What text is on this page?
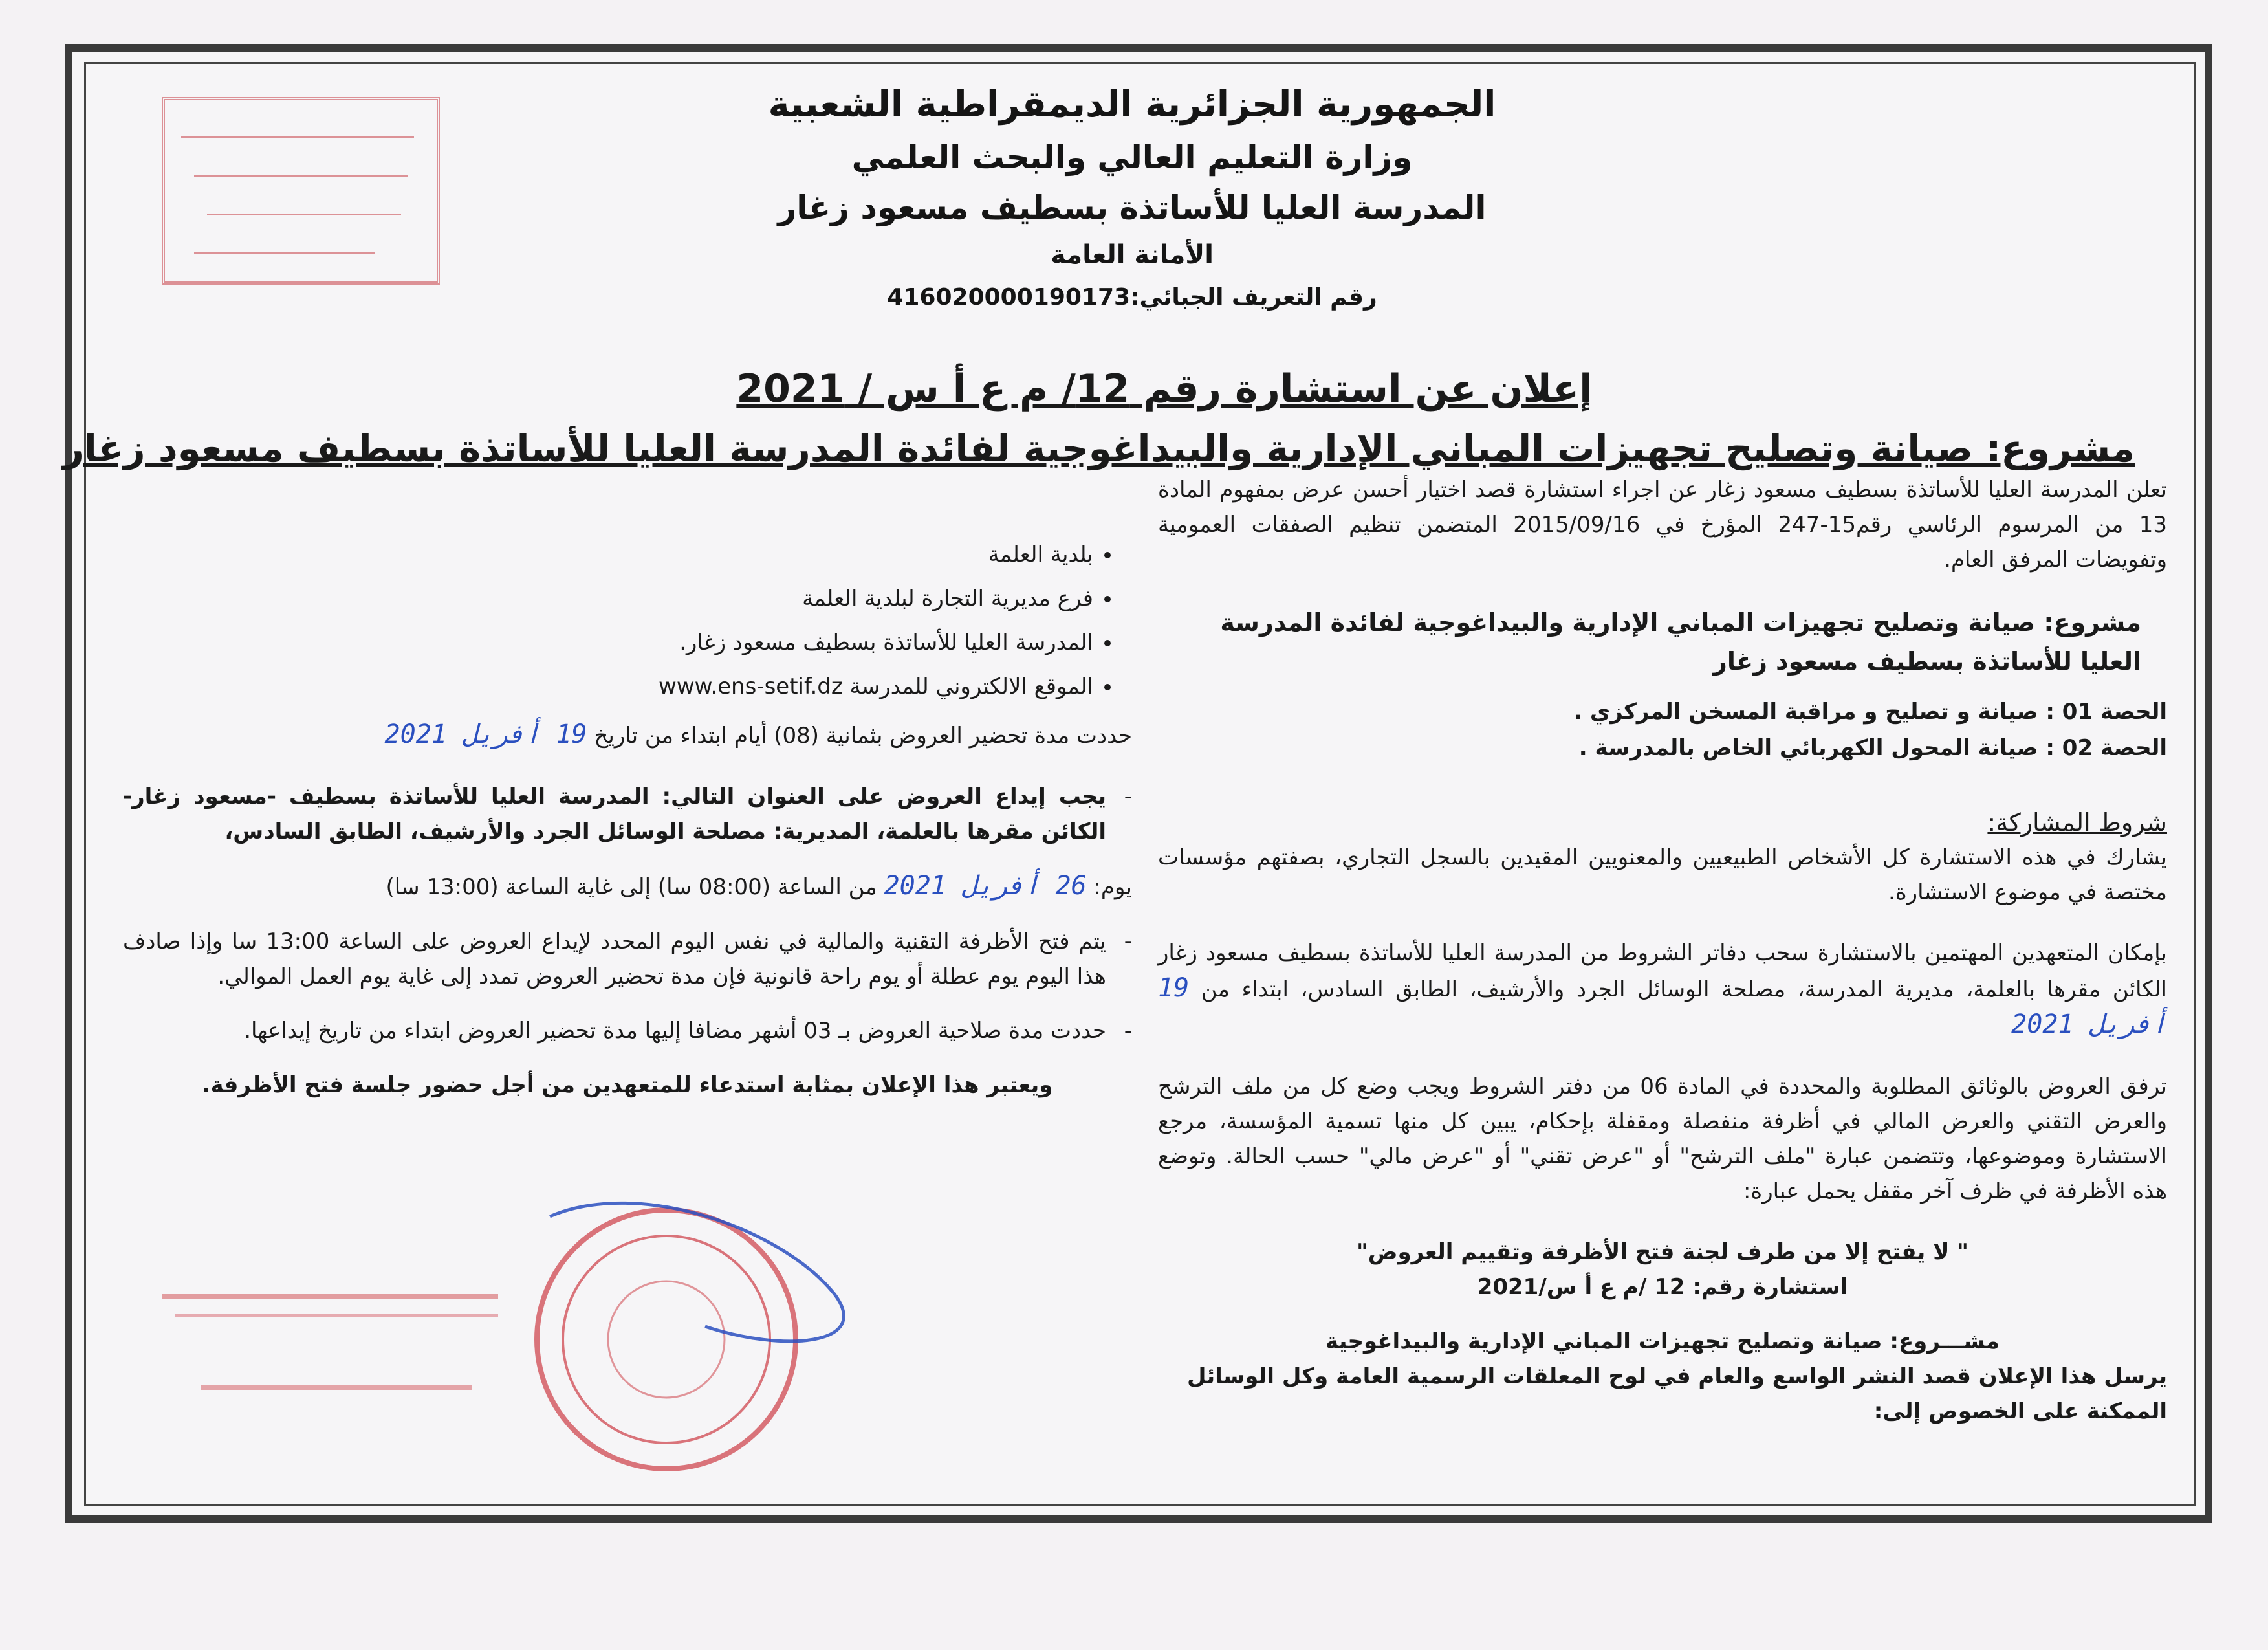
الجمهورية الجزائرية الديمقراطية الشعبية
وزارة التعليم العالي والبحث العلمي
المدرسة العليا للأساتذة بسطيف مسعود زغار
الأمانة العامة
رقم التعريف الجبائي:416020000190173
إعلان عن استشارة رقم 12/ م ع أ س / 2021
مشروع: صيانة وتصليح تجهيزات المباني الإدارية والبيداغوجية لفائدة المدرسة العليا للأساتذة بسطيف مسعود زغار

تعلن المدرسة العليا للأساتذة بسطيف مسعود زغار عن اجراء استشارة قصد اختيار أحسن عرض بمفهوم المادة 13 من المرسوم الرئاسي رقم15-247 المؤرخ في 2015/09/16 المتضمن تنظيم الصفقات العمومية وتفويضات المرفق العام.

مشروع: صيانة وتصليح تجهيزات المباني الإدارية والبيداغوجية لفائدة المدرسة العليا للأساتذة بسطيف مسعود زغار

الحصة 01 : صيانة و تصليح و مراقبة المسخن المركزي .
الحصة 02 : صيانة المحول الكهربائي الخاص بالمدرسة .
شروط المشاركة:

يشارك في هذه الاستشارة كل الأشخاص الطبيعيين والمعنويين المقيدين بالسجل التجاري، بصفتهم مؤسسات مختصة في موضوع الاستشارة.

بإمكان المتعهدين المهتمين بالاستشارة سحب دفاتر الشروط من المدرسة العليا للأساتذة بسطيف مسعود زغار الكائن مقرها بالعلمة، مديرية المدرسة، مصلحة الوسائل الجرد والأرشيف، الطابق السادس، ابتداء من 19 أفريل 2021

ترفق العروض بالوثائق المطلوبة والمحددة في المادة 06 من دفتر الشروط ويجب وضع كل من ملف الترشح والعرض التقني والعرض المالي في أظرفة منفصلة ومقفلة بإحكام، يبين كل منها تسمية المؤسسة، مرجع الاستشارة وموضوعها، وتتضمن عبارة "ملف الترشح" أو "عرض تقني" أو "عرض مالي" حسب الحالة. وتوضع هذه الأظرفة في ظرف آخر مقفل يحمل عبارة:

" لا يفتح إلا من طرف لجنة فتح الأظرفة وتقييم العروض"
استشارة رقم: 12 /م ع أ س/2021
مشـــروع: صيانة وتصليح تجهيزات المباني الإدارية والبيداغوجية
يرسل هذا الإعلان قصد النشر الواسع والعام في لوح المعلقات الرسمية العامة وكل الوسائل الممكنة على الخصوص إلى:
• بلدية العلمة
• فرع مديرية التجارة لبلدية العلمة
• المدرسة العليا للأساتذة بسطيف مسعود زغار.
• الموقع الالكتروني للمدرسة www.ens-setif.dz

حددت مدة تحضير العروض بثمانية (08) أيام ابتداء من تاريخ 19 أفريل 2021

- يجب إيداع العروض على العنوان التالي: المدرسة العليا للأساتذة بسطيف -مسعود زغار- الكائن مقرها بالعلمة، المديرية: مصلحة الوسائل الجرد والأرشيف، الطابق السادس،
يوم: 26 أفريل 2021 من الساعة (08:00 سا) إلى غاية الساعة (13:00 سا)
- يتم فتح الأظرفة التقنية والمالية في نفس اليوم المحدد لإيداع العروض على الساعة 13:00 سا وإذا صادف هذا اليوم يوم عطلة أو يوم راحة قانونية فإن مدة تحضير العروض تمدد إلى غاية يوم العمل الموالي.
- حددت مدة صلاحية العروض بـ 03 أشهر مضافا إليها مدة تحضير العروض ابتداء من تاريخ إيداعها.
ويعتبر هذا الإعلان بمثابة استدعاء للمتعهدين من أجل حضور جلسة فتح الأظرفة.
